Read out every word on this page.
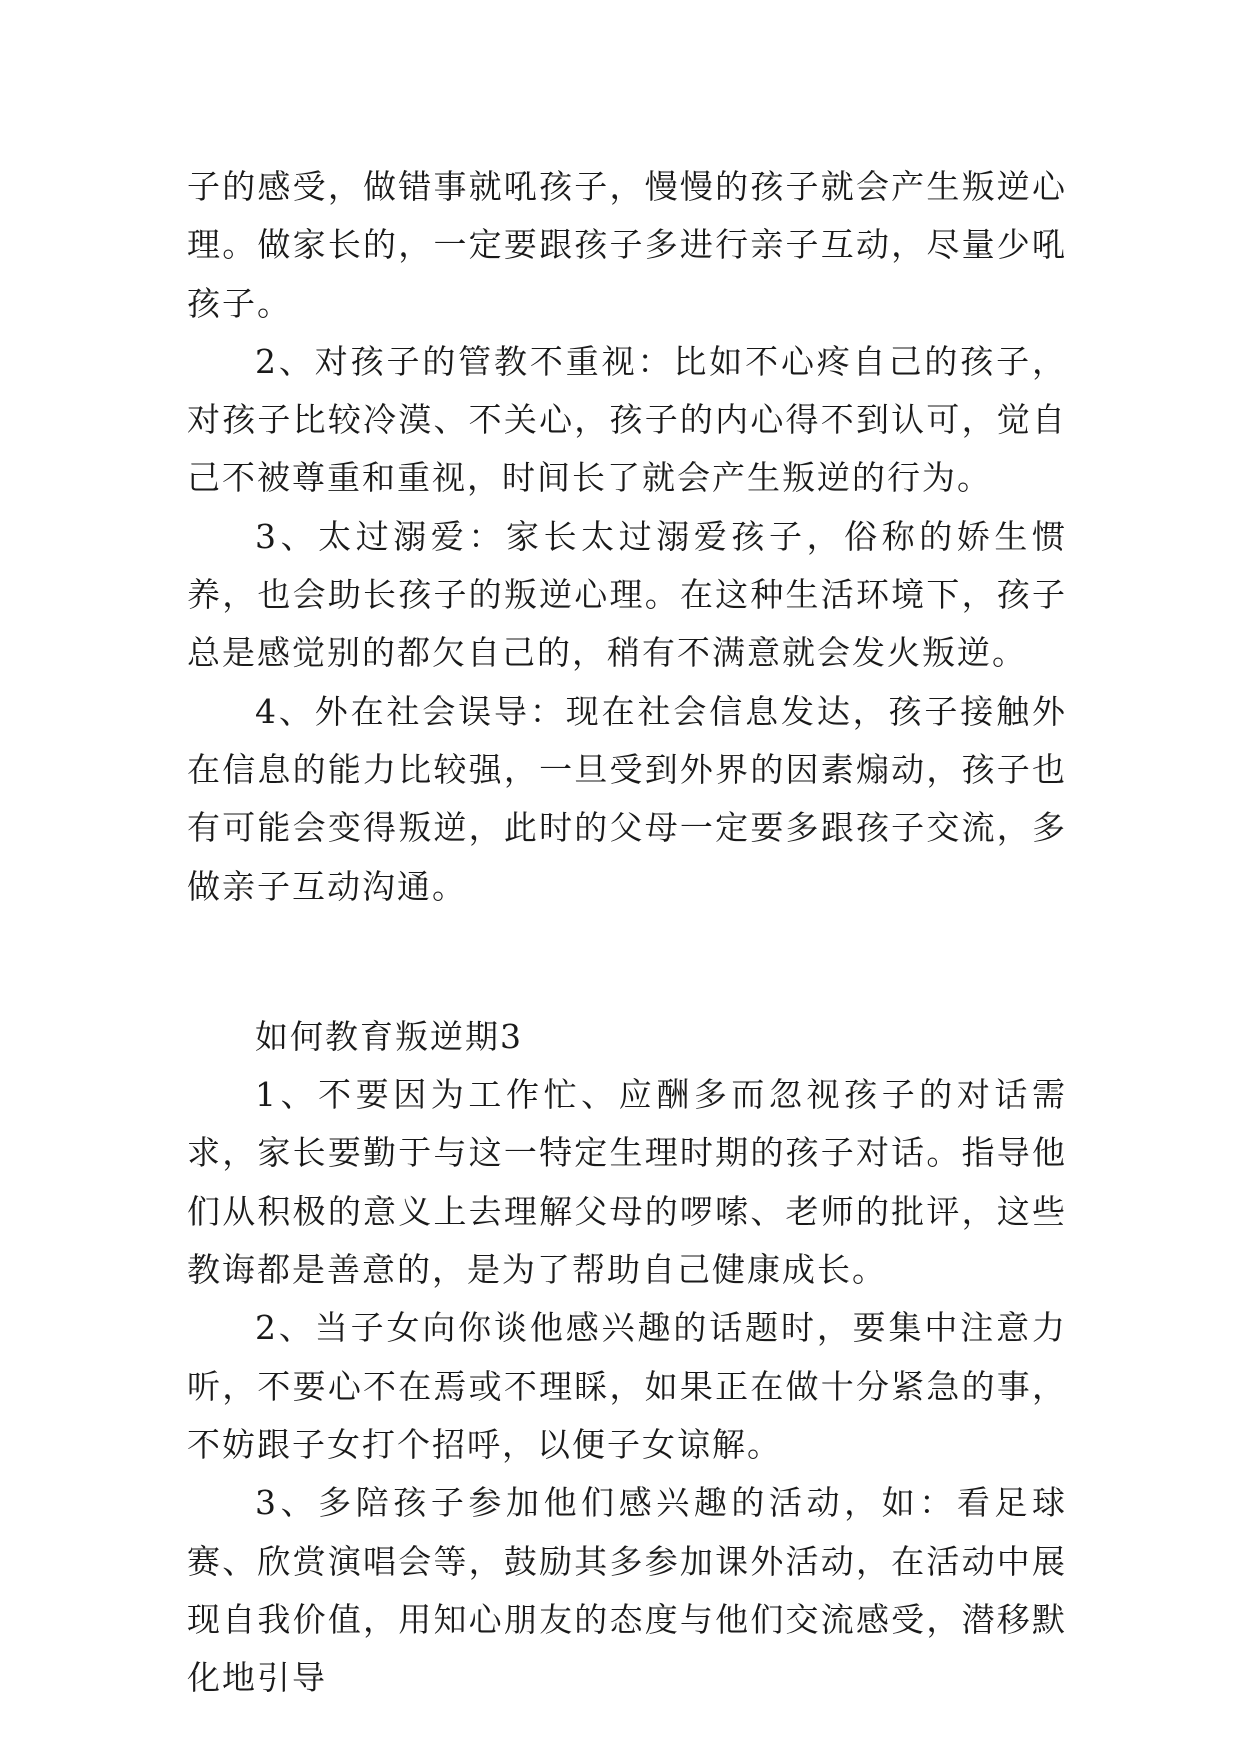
子的感受，做错事就吼孩子，慢慢的孩子就会产生叛逆心理。做家长的，一定要跟孩子多进行亲子互动，尽量少吼孩子。

2、对孩子的管教不重视：比如不心疼自己的孩子，对孩子比较冷漠、不关心，孩子的内心得不到认可，觉自己不被尊重和重视，时间长了就会产生叛逆的行为。

3、太过溺爱：家长太过溺爱孩子，俗称的娇生惯养，也会助长孩子的叛逆心理。在这种生活环境下，孩子总是感觉别的都欠自己的，稍有不满意就会发火叛逆。

4、外在社会误导：现在社会信息发达，孩子接触外在信息的能力比较强，一旦受到外界的因素煽动，孩子也有可能会变得叛逆，此时的父母一定要多跟孩子交流，多做亲子互动沟通。

如何教育叛逆期3

1、不要因为工作忙、应酬多而忽视孩子的对话需求，家长要勤于与这一特定生理时期的孩子对话。指导他们从积极的意义上去理解父母的啰嗦、老师的批评，这些教诲都是善意的，是为了帮助自己健康成长。

2、当子女向你谈他感兴趣的话题时，要集中注意力听，不要心不在焉或不理睬，如果正在做十分紧急的事，不妨跟子女打个招呼，以便子女谅解。

3、多陪孩子参加他们感兴趣的活动，如：看足球赛、欣赏演唱会等，鼓励其多参加课外活动，在活动中展现自我价值，用知心朋友的态度与他们交流感受，潜移默化地引导
